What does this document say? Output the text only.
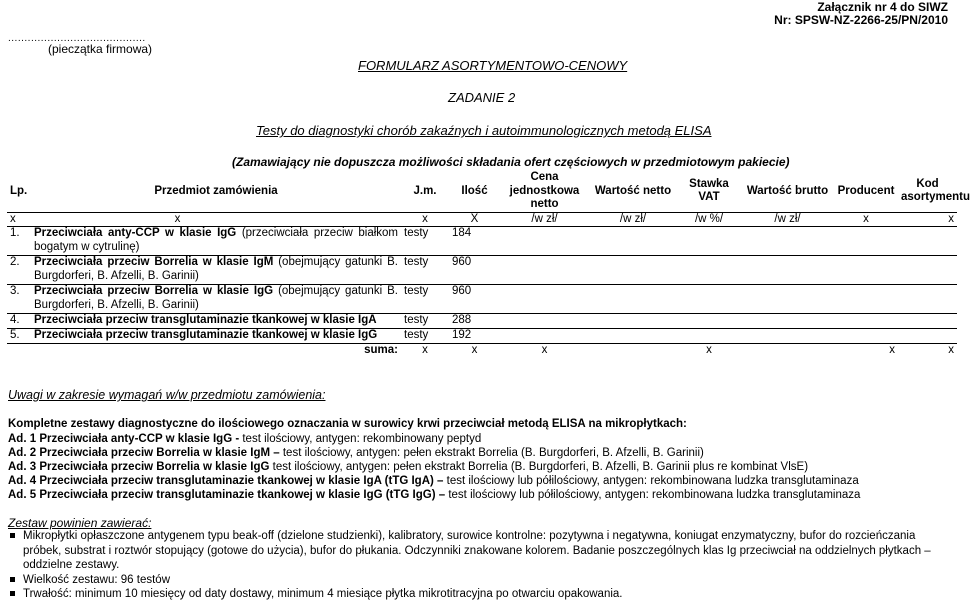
Załącznik nr 4 do SIWZ
Nr: SPSW-NZ-2266-25/PN/2010
..........................................
(pieczątka firmowa)
FORMULARZ ASORTYMENTOWO-CENOWY
ZADANIE 2
Testy do diagnostyki chorób zakaźnych i autoimmunologicznych metodą ELISA
(Zamawiający nie dopuszcza możliwości składania ofert częściowych w przedmiotowym pakiecie)
Lp.	Przedmiot zamówienia	J.m.	Ilość	Cena
jednostkowa
netto	Wartość netto	Stawka
VAT	Wartość brutto	Producent	Kod
asortymentu
x	x	x	X	/w zł/	/w zł/	/w %/	/w zł/	x	x
1.	Przeciwciała anty-CCP w klasie IgG (przeciwciała przeciw białkom bogatym w cytrulinę)	testy	184						
2.	Przeciwciała przeciw Borrelia w klasie IgM (obejmujący gatunki B. Burgdorferi, B. Afzelli, B. Garinii)	testy	960						
3.	Przeciwciała przeciw Borrelia w klasie IgG (obejmujący gatunki B. Burgdorferi, B. Afzelli, B. Garinii)	testy	960						
4.	Przeciwciała przeciw transglutaminazie tkankowej w klasie IgA	testy	288						
5.	Przeciwciała przeciw transglutaminazie tkankowej w klasie IgG	testy	192						
	suma:	x	x	x		x		x	x
Uwagi w zakresie wymagań w/w przedmiotu zamówienia:
Kompletne zestawy diagnostyczne do ilościowego oznaczania w surowicy krwi przeciwciał metodą ELISA na mikropłytkach:
Ad. 1 Przeciwciała anty-CCP w klasie IgG - test ilościowy, antygen: rekombinowany peptyd
Ad. 2 Przeciwciała przeciw Borrelia w klasie IgM – test ilościowy, antygen: pełen ekstrakt Borrelia (B. Burgdorferi, B. Afzelli, B. Garinii)
Ad. 3 Przeciwciała przeciw Borrelia w klasie IgG test ilościowy, antygen: pełen ekstrakt Borrelia (B. Burgdorferi, B. Afzelli, B. Garinii plus re kombinat VlsE)
Ad. 4 Przeciwciała przeciw transglutaminazie tkankowej w klasie IgA (tTG IgA) – test ilościowy lub półilościowy, antygen: rekombinowana ludzka transglutaminaza
Ad. 5 Przeciwciała przeciw transglutaminazie tkankowej w klasie IgG (tTG IgG) – test ilościowy lub półilościowy, antygen: rekombinowana ludzka transglutaminaza
Zestaw powinien zawierać:
Mikropłytki opłaszczone antygenem typu beak-off (dzielone studzienki), kalibratory, surowice kontrolne: pozytywna i negatywna, koniugat enzymatyczny, bufor do rozcieńczania próbek, substrat i roztwór stopujący (gotowe do użycia), bufor do płukania. Odczynniki znakowane kolorem. Badanie poszczególnych klas Ig przeciwciał na oddzielnych płytkach – oddzielne zestawy.
Wielkość zestawu: 96 testów
Trwałość: minimum 10 miesięcy od daty dostawy, minimum 4 miesiące płytka mikrotitracyjna po otwarciu opakowania.
